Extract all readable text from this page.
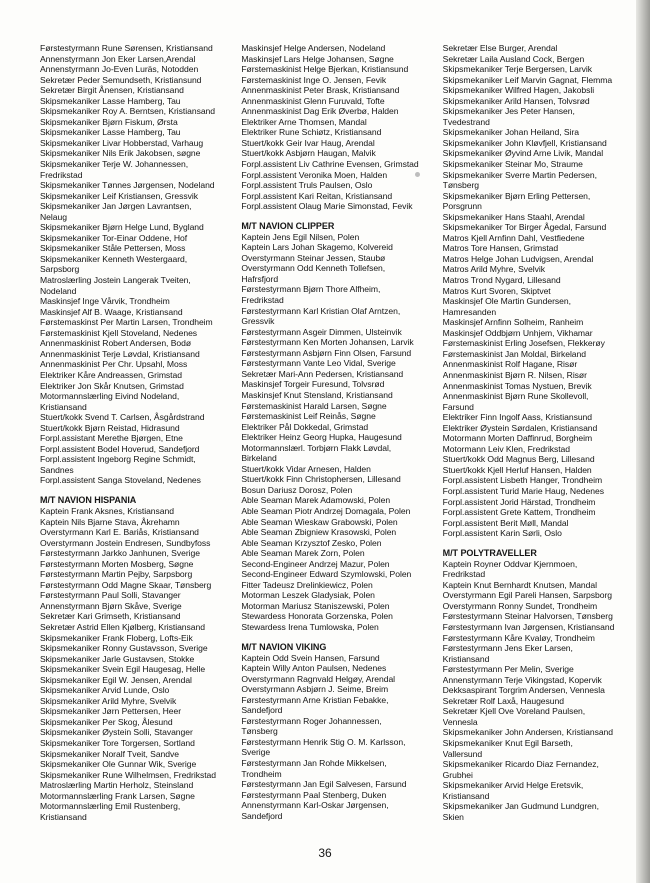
Førstestyrmann Rune Sørensen, Kristiansand
Annenstyrmann Jon Eker Larsen,Arendal
Annenstyrmann Jo-Even Luräs, Notodden
Sekretær Peder Semundseth, Kristiansund
Sekretær Birgit Ånensen, Kristiansand
Skipsmekaniker Lasse Hamberg, Tau
Skipsmekaniker Roy A. Berntsen, Kristiansand
Skipsmekaniker Bjørn Fiskum, Ørsta
Skipsmekaniker Lasse Hamberg, Tau
Skipsmekaniker Livar Hobberstad, Varhaug
Skipsmekaniker Nils Erik Jakobsen, søgne
Skipsmekaniker Terje W. Johannessen,
Fredrikstad
Skipsmekaniker Tønnes Jørgensen, Nodeland
Skipsmekaniker Leif Kristiansen, Gressvik
Skipsmekaniker Jan Jørgen Lavrantsen,
Nelaug
Skipsmekaniker Bjørn Helge Lund, Bygland
Skipsmekaniker Tor-Einar Oddene, Hof
Skipsmekaniker Ståle Pettersen, Moss
Skipsmekaniker Kenneth Westergaard,
Sarpsborg
Matroslærling Jostein Langerak Tveiten,
Nodeland
Maskinsjef Inge Vårvik, Trondheim
Maskinsjef Alf B. Waage, Kristiansand
Førstemaskinst Per Martin Larsen, Trondheim
Førstemaskinist Kjell Stoveland, Nedenes
Annenmaskinist Robert Andersen, Bodø
Annenmaskinist Terje Løvdal, Kristiansand
Annenmaskinist Per Chr. Upsahl, Moss
Elektriker Kåre Andreassen, Grimstad
Elektriker Jon Skår Knutsen, Grimstad
Motormannslærling Eivind Nodeland,
Kristiansand
Stuert/kokk Svend T. Carlsen, Åsgårdstrand
Stuert/kokk Bjørn Reistad, Hidrasund
Forpl.assistant Merethe Bjørgen, Etne
Forpl.assistent Bodel Hoverud, Sandefjord
Forpl.assistent Ingeborg Regine Schmidt,
Sandnes
Forpl.assistent Sanga Stoveland, Nedenes
M/T NAVION HISPANIA
Kaptein Frank Aksnes, Kristiansand
Kaptein Nils Bjarne Stava, Åkrehamn
Overstyrmann Karl E. Bariås, Kristiansand
Overstyrmann Jostein Endresen, Sundbyfoss
Førstestyrmann Jarkko Janhunen, Sverige
Førstestyrmann Morten Mosberg, Søgne
Førstestyrmann Martin Pejby, Sarpsborg
Førstestyrmann Odd Magne Skaar, Tønsberg
Førstestyrmann Paul Solli, Stavanger
Annenstyrmann Bjørn Skåve, Sverige
Sekretær Kari Grimseth, Kristiansand
Sekretær Astrid Ellen Kjølberg, Kristiansand
Skipsmekaniker Frank Floberg, Lofts-Eik
Skipsmekaniker Ronny Gustavsson, Sverige
Skipsmekaniker Jarle Gustavsen, Stokke
Skipsmekaniker Svein Egil Haugesag, Helle
Skipsmekaniker Egil W. Jensen, Arendal
Skipsmekaniker Arvid Lunde, Oslo
Skipsmekaniker Arild Myhre, Svelvik
Skipsmekaniker Jørn Pettersen, Heer
Skipsmekaniker Per Skog, Ålesund
Skipsmekaniker Øystein Solli, Stavanger
Skipsmekaniker Tore Torgersen, Sortland
Skipsmekaniker Noralf Tveit, Sandve
Skipsmekaniker Ole Gunnar Wik, Sverige
Skipsmekaniker Rune Wilhelmsen, Fredrikstad
Matroslærling Martin Herholz, Steinsland
Motormannslærling Frank Larsen, Søgne
Motormannslærling Emil Rustenberg,
Kristiansand
Maskinsjef Helge Andersen, Nodeland
Maskinsjef Lars Helge Johansen, Søgne
Førstemaskinist Helge Bjerkan, Kristiansund
Førstemaskinist Inge O. Jensen, Fevik
Annenmaskinist Peter Brask, Kristiansand
Annenmaskinist Glenn Furuvald, Tofte
Annenmaskinist Dag Erik Øverbø, Halden
Elektriker Arne Thomsen, Mandal
Elektriker Rune Schiøtz, Kristiansand
Stuert/kokk Geir Ivar Haug, Arendal
Stuert/kokk Asbjørn Haugan, Malvik
Forpl.assistent Liv Cathrine Evensen, Grimstad
Forpl.assistent Veronika Moen, Halden
Forpl.assistent Truls Paulsen, Oslo
Forpl.assistent Kari Reitan, Kristiansand
Forpl.assistent Olaug Marie Simonstad, Fevik
M/T NAVION CLIPPER
Kaptein Jens Egil Nilsen, Polen
Kaptein Lars Johan Skagemo, Kolvereid
Overstyrmann Steinar Jessen, Staubø
Overstyrmann Odd Kenneth Tollefsen,
Hafrsfjord
Førstestyrmann Bjørn Thore Alfheim,
Fredrikstad
Førstestyrmann Karl Kristian Olaf Arntzen,
Gressvik
Førstestyrmann Asgeir Dimmen, Ulsteinvik
Førstestyrmann Ken Morten Johansen, Larvik
Førstestyrmann Asbjørn Finn Olsen, Farsund
Førstestyrmann Vante Leo Vidal, Sverige
Sekretær Mari-Ann Pedersen, Kristiansand
Maskinsjef Torgeir Furesund, Tolvsrød
Maskinsjef Knut Stensland, Kristiansand
Førstemaskinist Harald Larsen, Søgne
Førstemaskinist Leif Reinås, Søgne
Elektriker Pål Dokkedal, Grimstad
Elektriker Heinz Georg Hupka, Haugesund
Motormannslærl. Torbjørn Flakk Løvdal,
Birkeland
Stuert/kokk Vidar Arnesen, Halden
Stuert/kokk Finn Christophersen, Lillesand
Bosun Dariusz Dorosz, Polen
Able Seaman Marek Adamowski, Polen
Able Seaman Piotr Andrzej Domagala, Polen
Able Seaman Wieskaw Grabowski, Polen
Able Seaman Zbigniew Krasowski, Polen
Able Seaman Krzysztof Zesko, Polen
Able Seaman Marek Zorn, Polen
Second-Engineer Andrzej Mazur, Polen
Second-Engineer Edward Szymlowski, Polen
Fitter Tadeusz Drelinkiewicz, Polen
Motorman Leszek Gladysiak, Polen
Motorman Mariusz Staniszewski, Polen
Stewardess Honorata Gorzenska, Polen
Stewardess Irena Tumlowska, Polen
M/T NAVION VIKING
Kaptein Odd Svein Hansen, Farsund
Kaptein Willy Anton Paulsen, Nedenes
Overstyrmann Ragnvald Helgøy, Arendal
Overstyrmann Asbjørn J. Seime, Breim
Førstestyrmann Arne Kristian Febakke,
Sandefjord
Førstestyrmann Roger Johannessen,
Tønsberg
Førstestyrmann Henrik Stig O. M. Karlsson,
Sverige
Førstestyrmann Jan Rohde Mikkelsen,
Trondheim
Førstestyrmann Jan Egil Salvesen, Farsund
Førstestyrmann Paal Stenberg, Duken
Annenstyrmann Karl-Oskar Jørgensen,
Sandefjord
Sekretær Else Burger, Arendal
Sekretær Laila Ausland Cock, Bergen
Skipsmekaniker Terje Bergersen, Larvik
Skipsmekaniker Leif Marvin Gagnat, Flemma
Skipsmekaniker Wilfred Hagen, Jakobsli
Skipsmekaniker Arild Hansen, Tolvsrød
Skipsmekaniker Jes Peter Hansen,
Tvedestrand
Skipsmekaniker Johan Heiland, Sira
Skipsmekaniker John Kløvfjell, Kristiansand
Skipsmekaniker Øyvind Arne Livik, Mandal
Skipsmekaniker Steinar Mo, Straume
Skipsmekaniker Sverre Martin Pedersen,
Tønsberg
Skipsmekaniker Bjørn Erling Pettersen,
Porsgrunn
Skipsmekaniker Hans Staahl, Arendal
Skipsmekaniker Tor Birger Ågedal, Farsund
Matros Kjell Arnfinn Dahl, Vestfiedene
Matros Tore Hansen, Grimstad
Matros Helge Johan Ludvigsen, Arendal
Matros Arild Myhre, Svelvik
Matros Trond Nygard, Lillesand
Matros Kurt Svoren, Skiptvet
Maskinsjef Ole Martin Gundersen,
Hamresanden
Maskinsjef Arnfinn Solheim, Ranheim
Maskinsjef Oddbjørn Unhjem, Vikhamar
Førstemaskinist Erling Josefsen, Flekkerøy
Førstemaskinist Jan Moldal, Birkeland
Annenmaskinist Rolf Hagane, Risør
Annenmaskinist Bjørn R. Nilsen, Risør
Annenmaskinist Tomas Nystuen, Brevik
Annenmaskinist Bjørn Rune Skollevoll,
Farsund
Elektriker Finn Ingolf Aass, Kristiansund
Elektriker Øystein Sørdalen, Kristiansand
Motormann Morten Daffinrud, Borgheim
Motormann Leiv Klen, Fredrikstad
Stuert/kokk Odd Magnus Berg, Lillesand
Stuert/kokk Kjell Herluf Hansen, Halden
Forpl.assistent Lisbeth Hanger, Trondheim
Forpl.assistent Turid Marie Haug, Nedenes
Forpl.assistent Jorid Härstad, Trondheim
Forpl.assistent Grete Kattem, Trondheim
Forpl.assistent Berit Møll, Mandal
Forpl.assistent Karin Sørli, Oslo
M/T POLYTRAVELLER
Kaptein Royner Oddvar Kjernmoen,
Fredrikstad
Kaptein Knut Bernhardt Knutsen, Mandal
Overstyrmann Egil Pareli Hansen, Sarpsborg
Overstyrmann Ronny Sundet, Trondheim
Førstestyrmann Steinar Halvorsen, Tønsberg
Førstestyrmann Ivan Jørgensen, Kristiansand
Førstestyrmann Kåre Kvaløy, Trondheim
Førstestyrmann Jens Eker Larsen,
Kristiansand
Førstestyrmann Per Melin, Sverige
Annenstyrmann Terje Vikingstad, Kopervik
Dekksaspirant Torgrim Andersen, Vennesla
Sekretær Rolf Laxå, Haugesund
Sekretær Kjell Ove Voreland Paulsen,
Vennesla
Skipsmekaniker John Andersen, Kristiansand
Skipsmekaniker Knut Egil Barseth,
Vallersund
Skipsmekaniker Ricardo Diaz Fernandez,
Grubhei
Skipsmekaniker Arvid Helge Eretsvik,
Kristiansand
Skipsmekaniker Jan Gudmund Lundgren,
Skien
36
